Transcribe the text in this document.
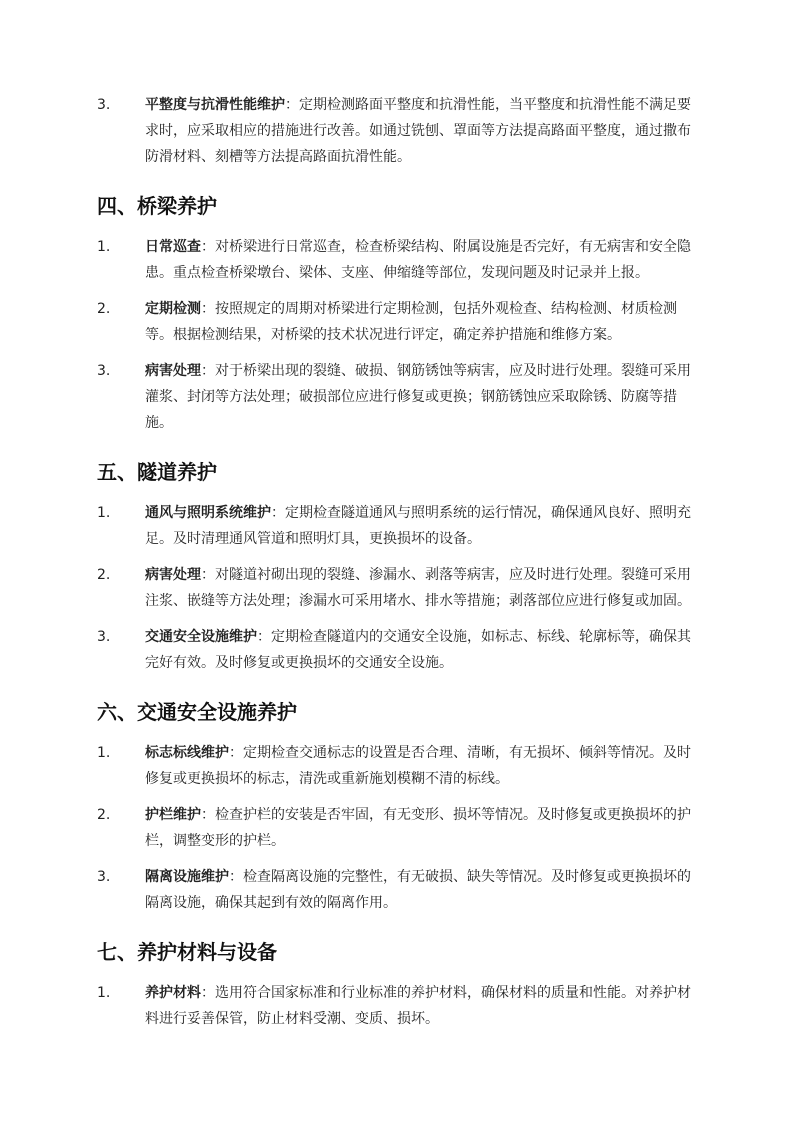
3. 平整度与抗滑性能维护：定期检测路面平整度和抗滑性能，当平整度和抗滑性能不满足要求时，应采取相应的措施进行改善。如通过铣刨、罩面等方法提高路面平整度，通过撒布防滑材料、刻槽等方法提高路面抗滑性能。
四、桥梁养护
1. 日常巡查：对桥梁进行日常巡查，检查桥梁结构、附属设施是否完好，有无病害和安全隐患。重点检查桥梁墩台、梁体、支座、伸缩缝等部位，发现问题及时记录并上报。
2. 定期检测：按照规定的周期对桥梁进行定期检测，包括外观检查、结构检测、材质检测等。根据检测结果，对桥梁的技术状况进行评定，确定养护措施和维修方案。
3. 病害处理：对于桥梁出现的裂缝、破损、钢筋锈蚀等病害，应及时进行处理。裂缝可采用灌浆、封闭等方法处理；破损部位应进行修复或更换；钢筋锈蚀应采取除锈、防腐等措施。
五、隧道养护
1. 通风与照明系统维护：定期检查隧道通风与照明系统的运行情况，确保通风良好、照明充足。及时清理通风管道和照明灯具，更换损坏的设备。
2. 病害处理：对隧道衬砌出现的裂缝、渗漏水、剥落等病害，应及时进行处理。裂缝可采用注浆、嵌缝等方法处理；渗漏水可采用堵水、排水等措施；剥落部位应进行修复或加固。
3. 交通安全设施维护：定期检查隧道内的交通安全设施，如标志、标线、轮廓标等，确保其完好有效。及时修复或更换损坏的交通安全设施。
六、交通安全设施养护
1. 标志标线维护：定期检查交通标志的设置是否合理、清晰，有无损坏、倾斜等情况。及时修复或更换损坏的标志，清洗或重新施划模糊不清的标线。
2. 护栏维护：检查护栏的安装是否牢固，有无变形、损坏等情况。及时修复或更换损坏的护栏，调整变形的护栏。
3. 隔离设施维护：检查隔离设施的完整性，有无破损、缺失等情况。及时修复或更换损坏的隔离设施，确保其起到有效的隔离作用。
七、养护材料与设备
1. 养护材料：选用符合国家标准和行业标准的养护材料，确保材料的质量和性能。对养护材料进行妥善保管，防止材料受潮、变质、损坏。
